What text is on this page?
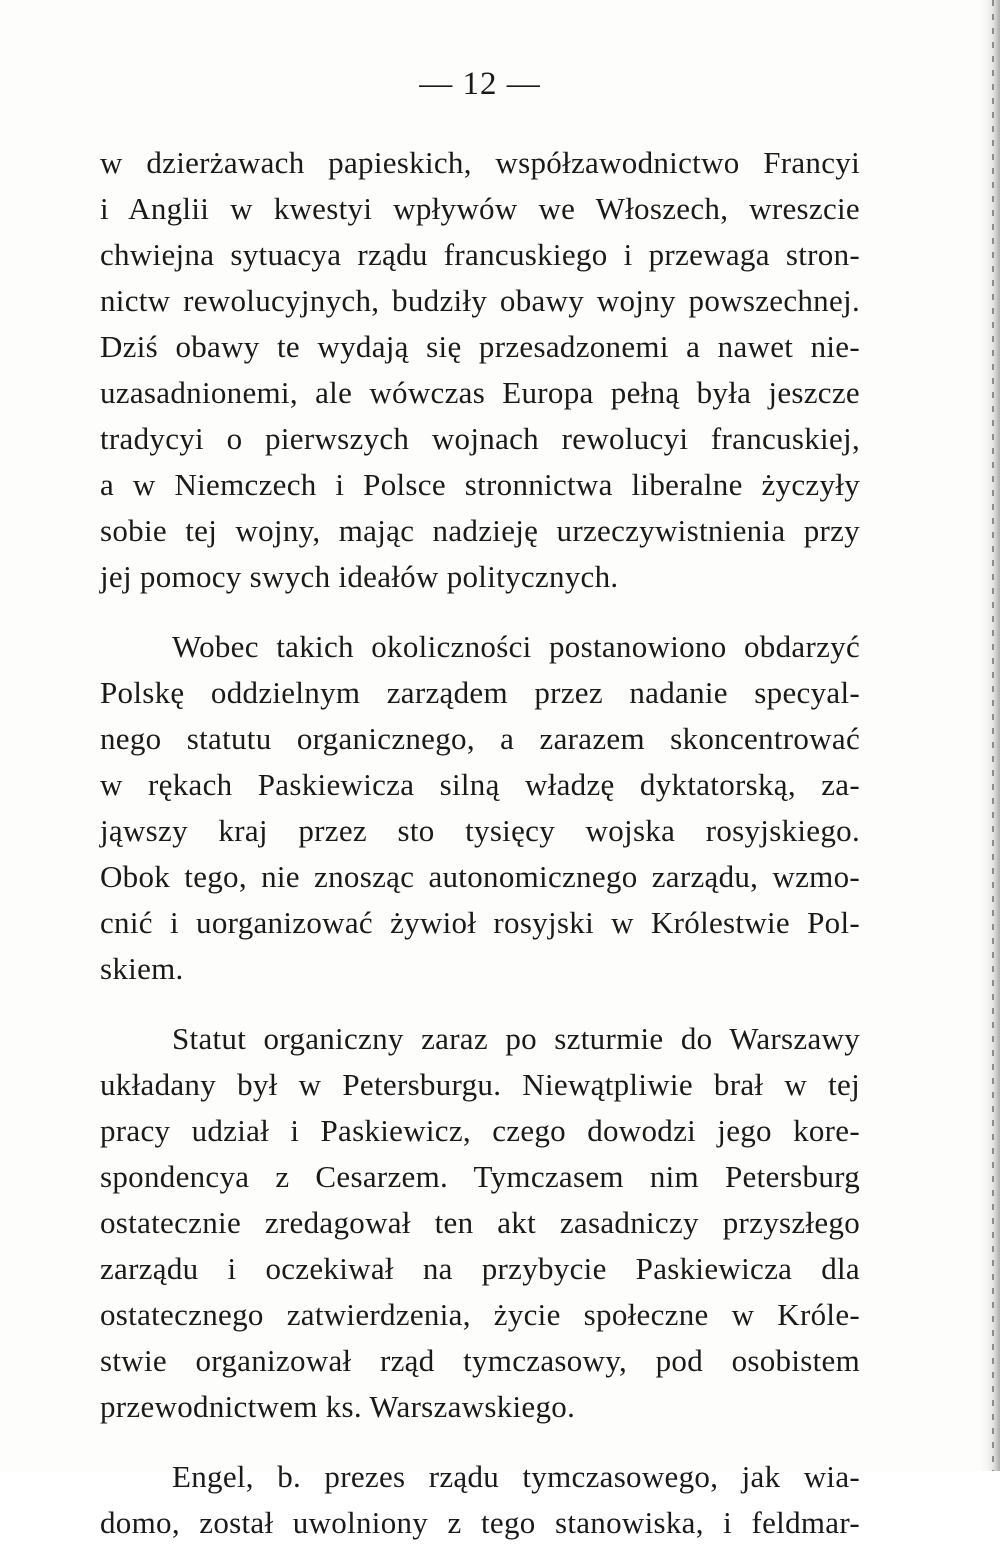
— 12 —
w dzierżawach papieskich, współzawodnictwo Francyi
i Anglii w kwestyi wpływów we Włoszech, wreszcie
chwiejna sytuacya rządu francuskiego i przewaga stron-
nictw rewolucyjnych, budziły obawy wojny powszechnej.
Dziś obawy te wydają się przesadzonemi a nawet nie-
uzasadnionemi, ale wówczas Europa pełną była jeszcze
tradycyi o pierwszych wojnach rewolucyi francuskiej,
a w Niemczech i Polsce stronnictwa liberalne życzyły
sobie tej wojny, mając nadzieję urzeczywistnienia przy
jej pomocy swych ideałów politycznych.
Wobec takich okoliczności postanowiono obdarzyć
Polskę oddzielnym zarządem przez nadanie specyal-
nego statutu organicznego, a zarazem skoncentrować
w rękach Paskiewicza silną władzę dyktatorską, za-
jąwszy kraj przez sto tysięcy wojska rosyjskiego.
Obok tego, nie znosząc autonomicznego zarządu, wzmo-
cnić i uorganizować żywioł rosyjski w Królestwie Pol-
skiem.
Statut organiczny zaraz po szturmie do Warszawy
układany był w Petersburgu. Niewątpliwie brał w tej
pracy udział i Paskiewicz, czego dowodzi jego kore-
spondencya z Cesarzem. Tymczasem nim Petersburg
ostatecznie zredagował ten akt zasadniczy przyszłego
zarządu i oczekiwał na przybycie Paskiewicza dla
ostatecznego zatwierdzenia, życie społeczne w Króle-
stwie organizował rząd tymczasowy, pod osobistem
przewodnictwem ks. Warszawskiego.
Engel, b. prezes rządu tymczasowego, jak wia-
domo, został uwolniony z tego stanowiska, i feldmar-
